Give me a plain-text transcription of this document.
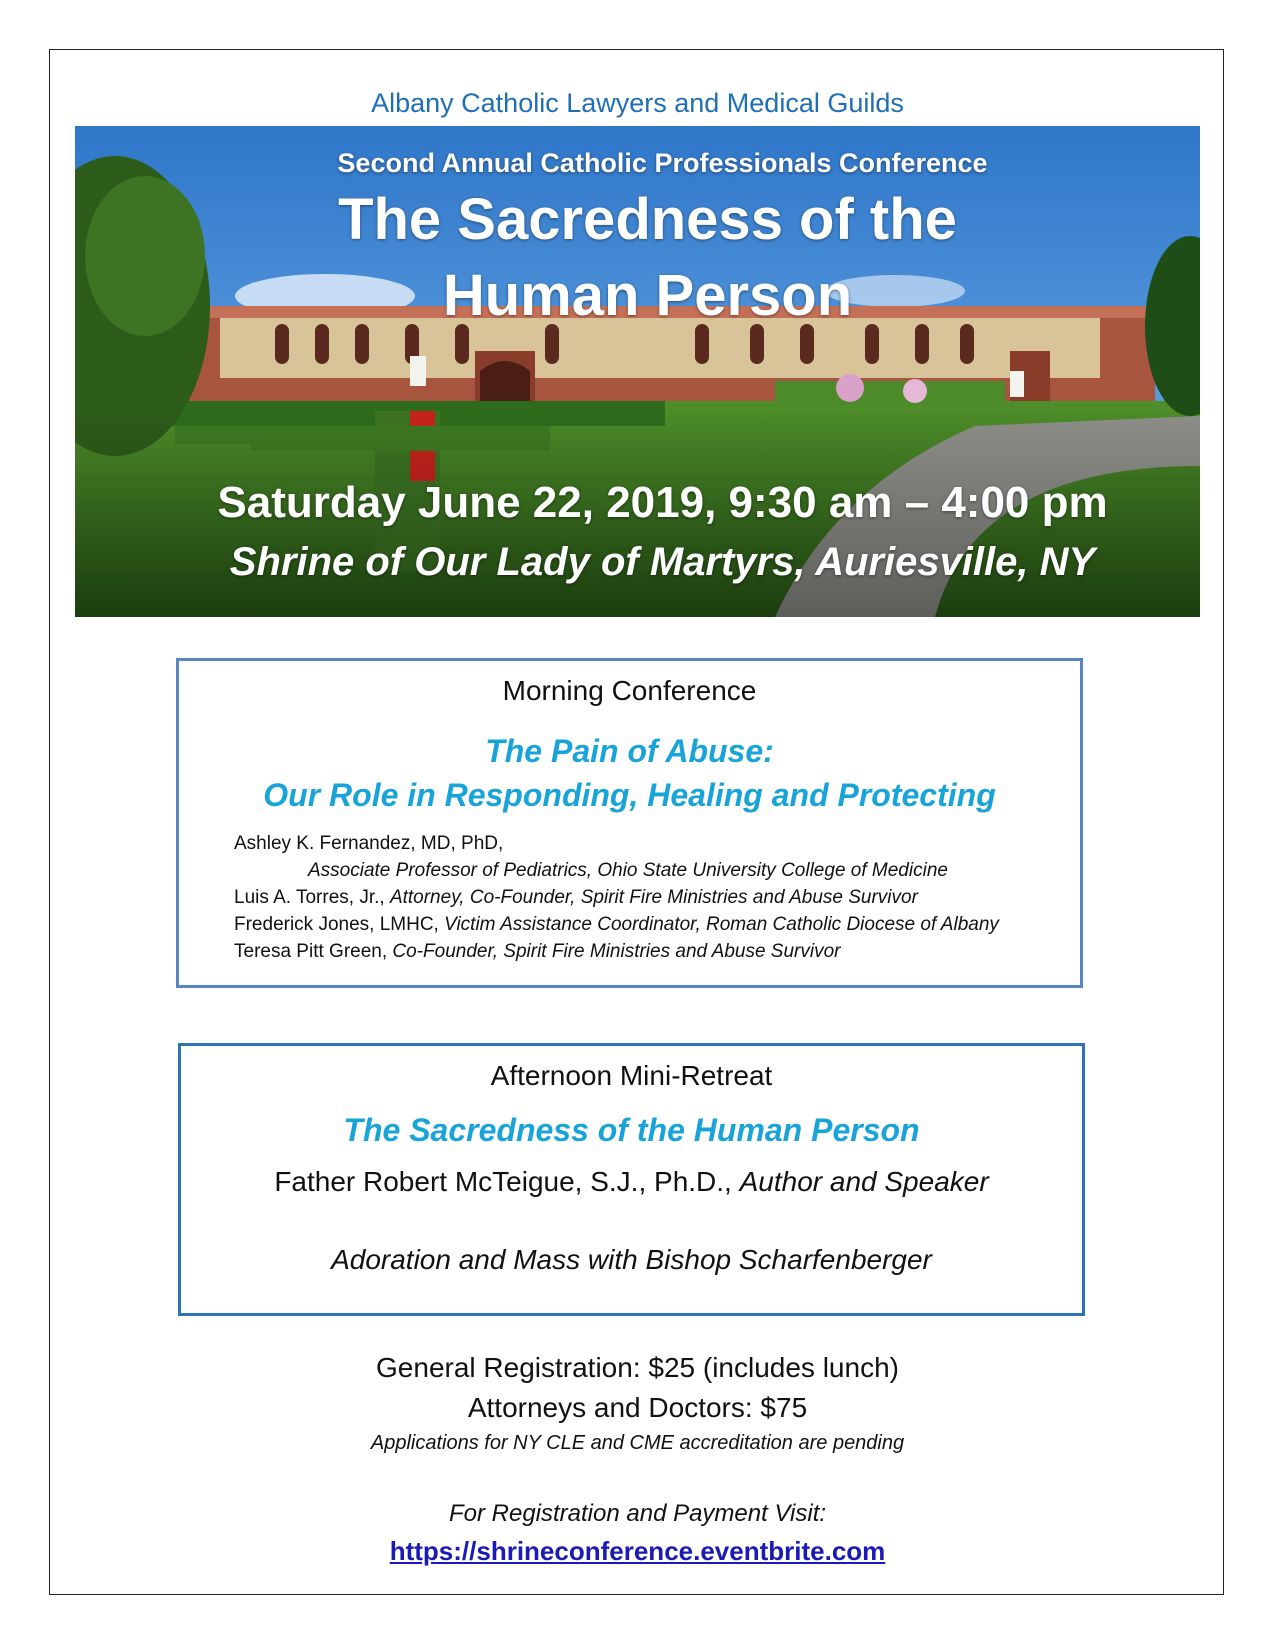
Albany Catholic Lawyers and Medical Guilds
Second Annual Catholic Professionals Conference
The Sacredness of the
Human Person
Saturday June 22, 2019, 9:30 am – 4:00 pm
Shrine of Our Lady of Martyrs, Auriesville, NY
Morning Conference
The Pain of Abuse:
Our Role in Responding, Healing and Protecting
Ashley K. Fernandez, MD, PhD,
Associate Professor of Pediatrics, Ohio State University College of Medicine
Luis A. Torres, Jr., Attorney, Co-Founder, Spirit Fire Ministries and Abuse Survivor
Frederick Jones, LMHC, Victim Assistance Coordinator, Roman Catholic Diocese of Albany
Teresa Pitt Green, Co-Founder, Spirit Fire Ministries and Abuse Survivor
Afternoon Mini-Retreat
The Sacredness of the Human Person
Father Robert McTeigue, S.J., Ph.D., Author and Speaker
Adoration and Mass with Bishop Scharfenberger
General Registration: $25 (includes lunch)
Attorneys and Doctors: $75
Applications for NY CLE and CME accreditation are pending
For Registration and Payment Visit:
https://shrineconference.eventbrite.com
